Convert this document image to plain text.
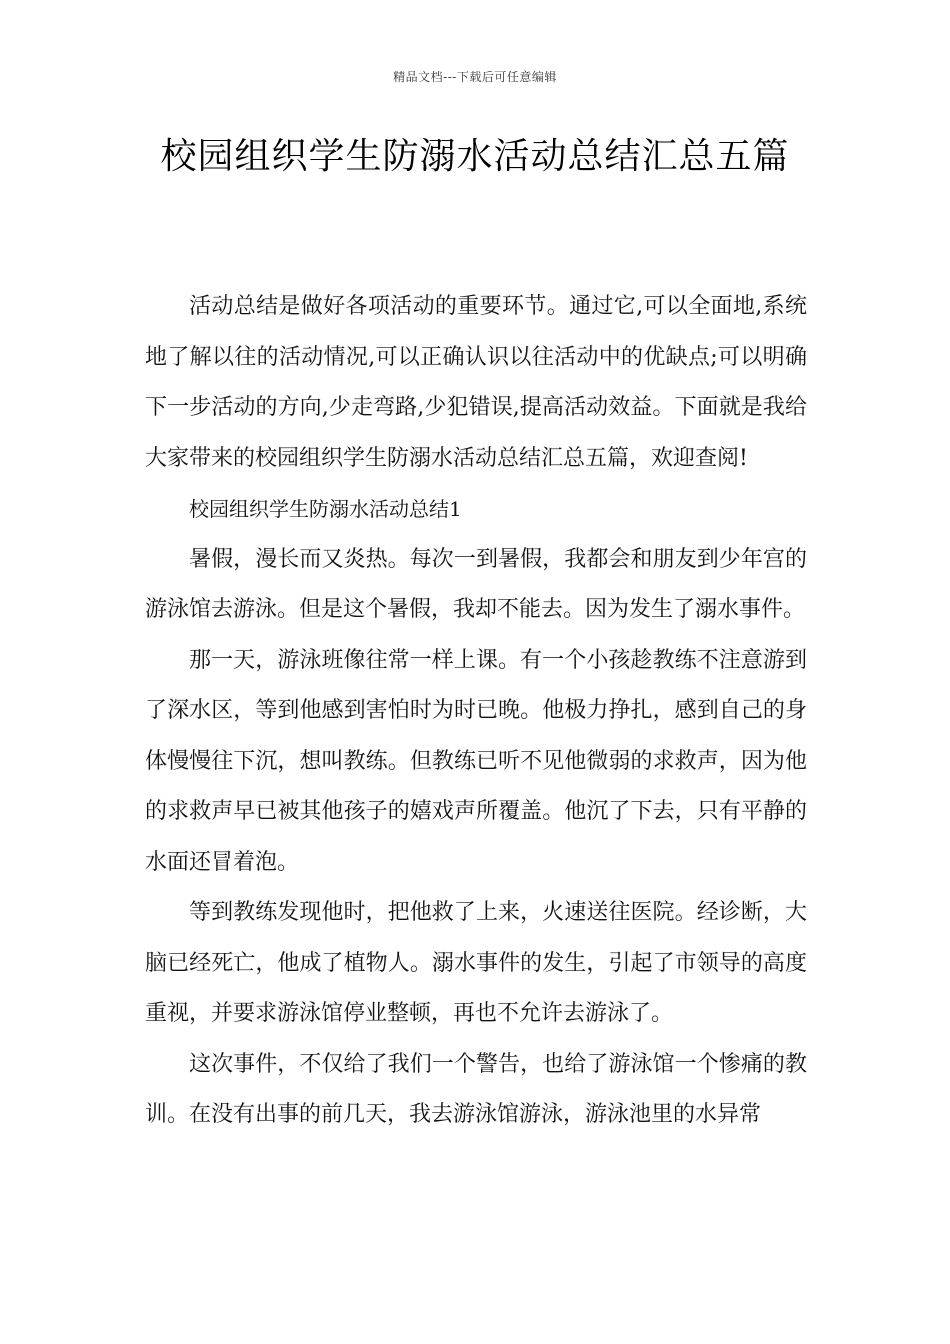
精品文档---下载后可任意编辑
校园组织学生防溺水活动总结汇总五篇

活动总结是做好各项活动的重要环节。通过它,可以全面地,系统地了解以往的活动情况,可以正确认识以往活动中的优缺点;可以明确下一步活动的方向,少走弯路,少犯错误,提高活动效益。下面就是我给大家带来的校园组织学生防溺水活动总结汇总五篇，欢迎查阅!

校园组织学生防溺水活动总结1

暑假，漫长而又炎热。每次一到暑假，我都会和朋友到少年宫的游泳馆去游泳。但是这个暑假，我却不能去。因为发生了溺水事件。

那一天，游泳班像往常一样上课。有一个小孩趁教练不注意游到了深水区，等到他感到害怕时为时已晚。他极力挣扎，感到自己的身体慢慢往下沉，想叫教练。但教练已听不见他微弱的求救声，因为他的求救声早已被其他孩子的嬉戏声所覆盖。他沉了下去，只有平静的水面还冒着泡。

等到教练发现他时，把他救了上来，火速送往医院。经诊断，大脑已经死亡，他成了植物人。溺水事件的发生，引起了市领导的高度重视，并要求游泳馆停业整顿，再也不允许去游泳了。

这次事件，不仅给了我们一个警告，也给了游泳馆一个惨痛的教训。在没有出事的前几天，我去游泳馆游泳，游泳池里的水异常
